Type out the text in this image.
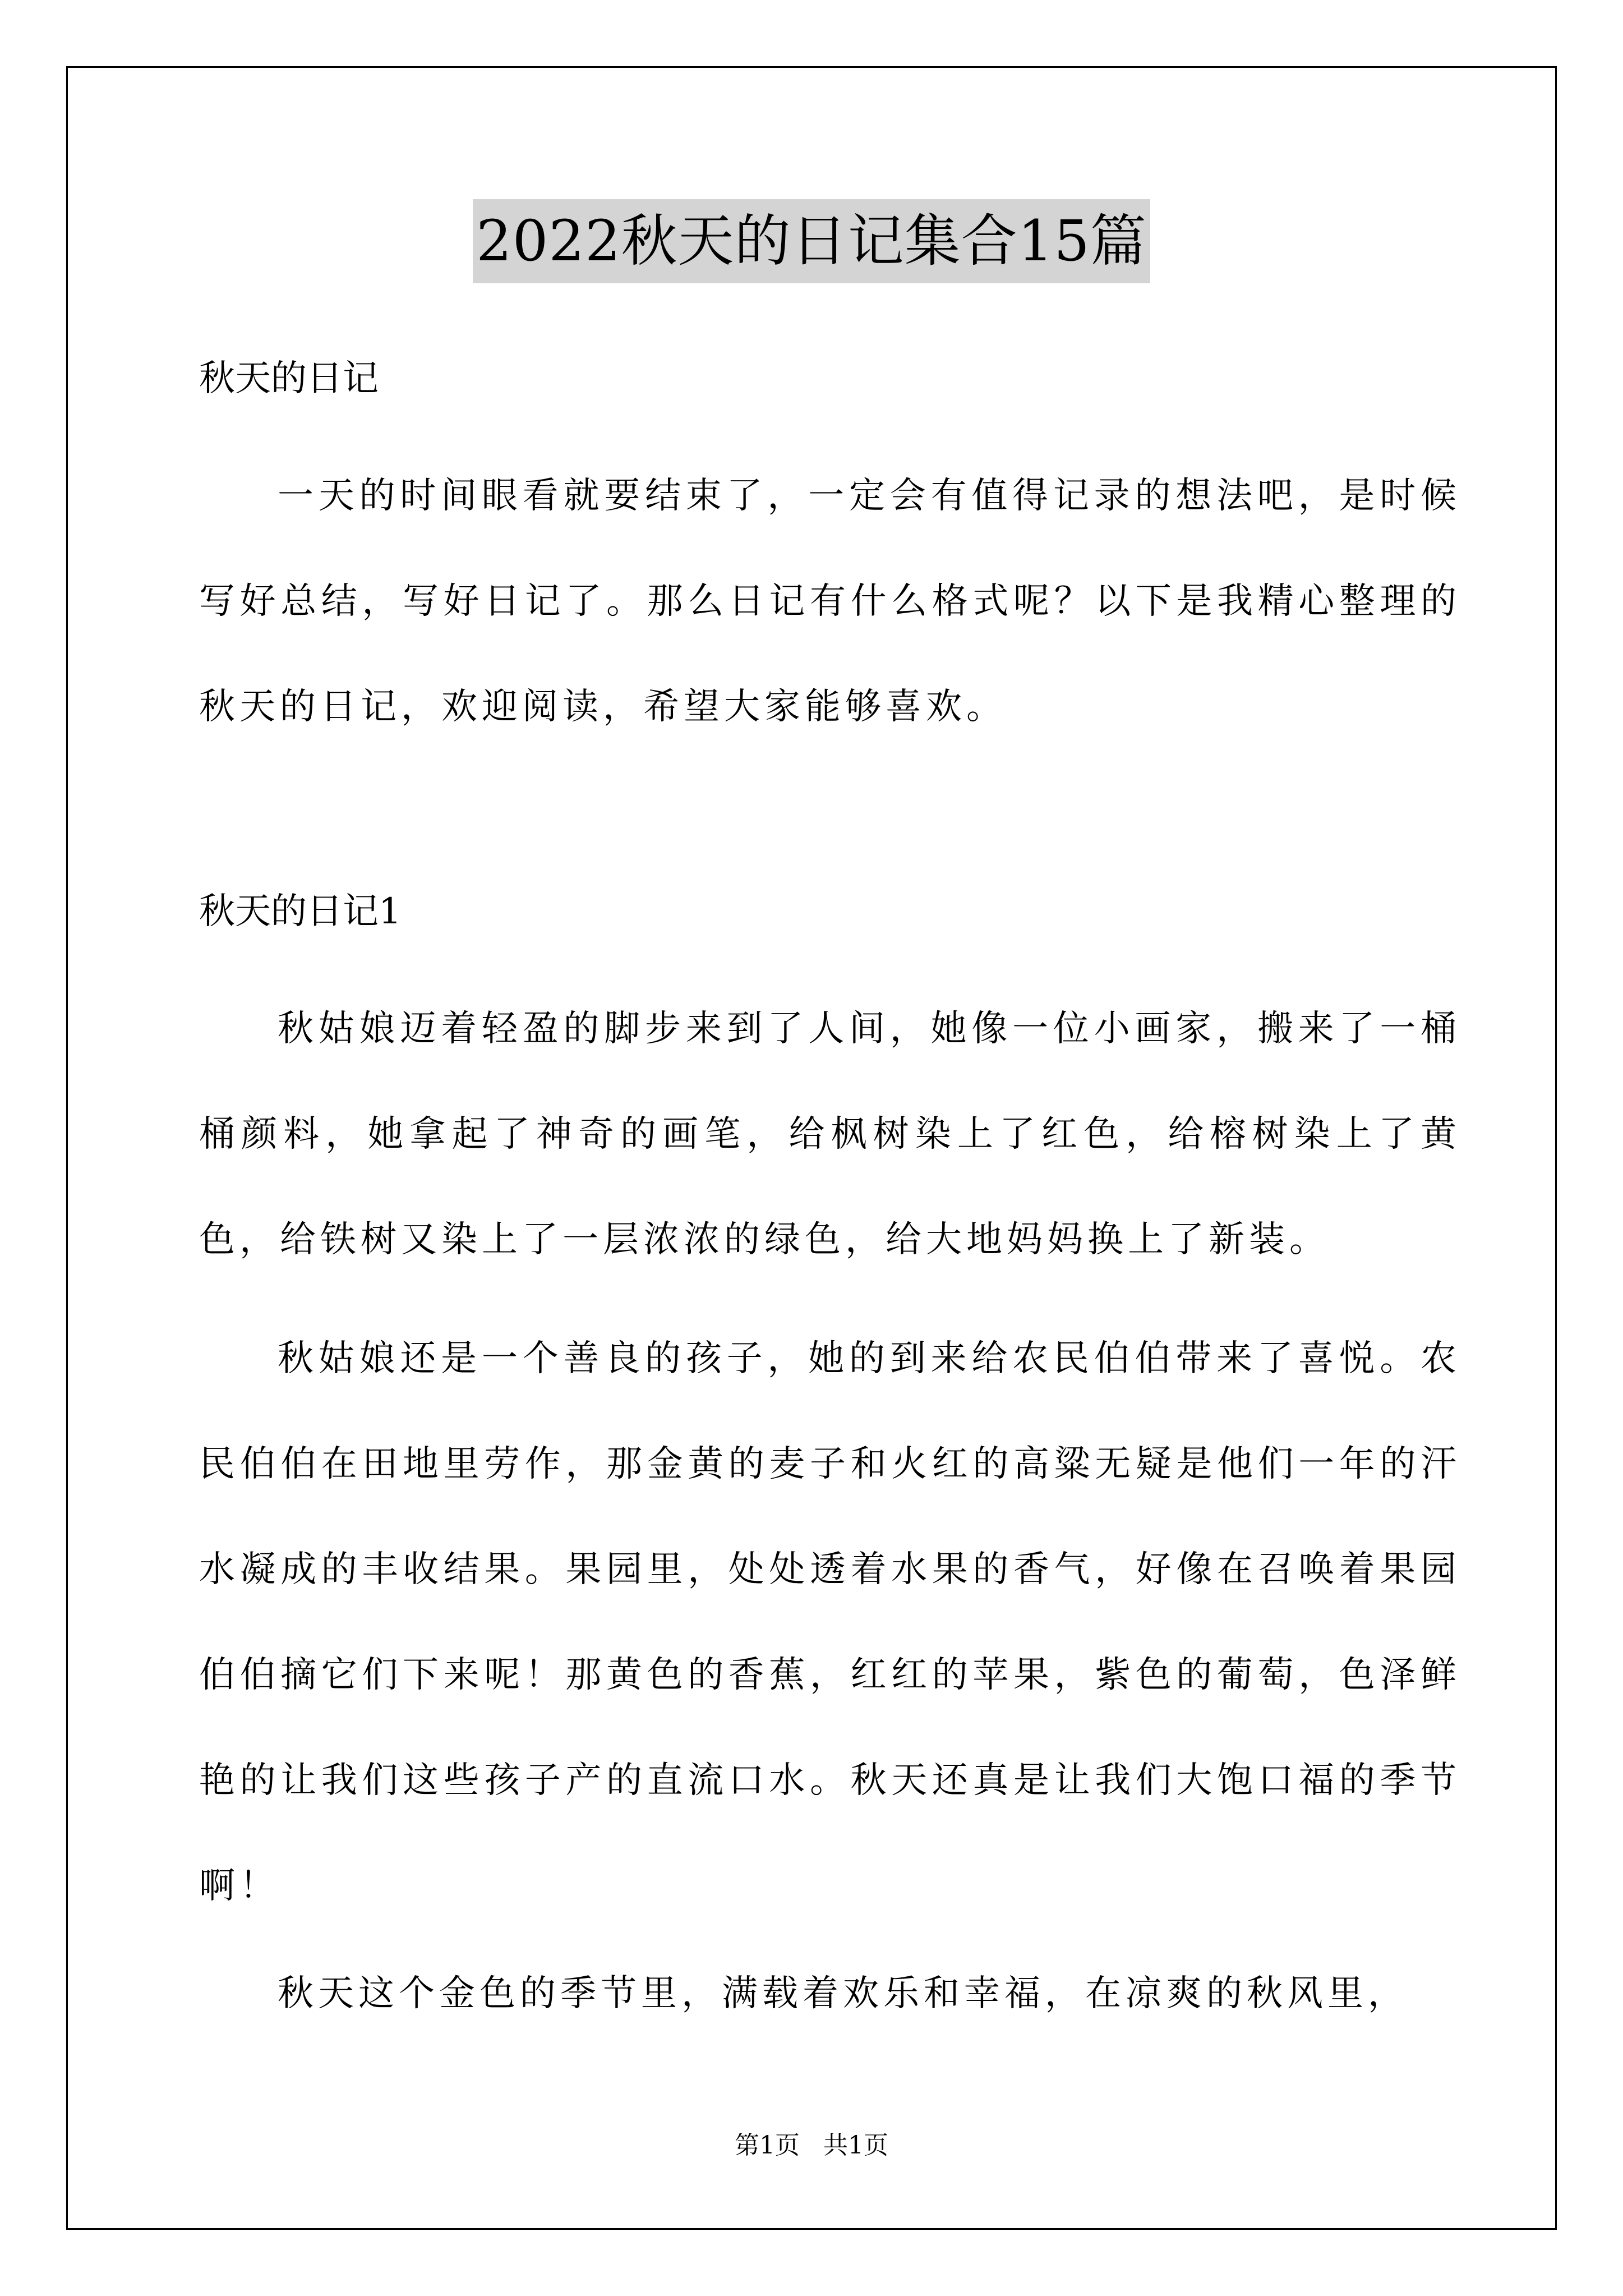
2022秋天的日记集合15篇
秋天的日记

一天的时间眼看就要结束了，一定会有值得记录的想法吧，是时候写好总结，写好日记了。那么日记有什么格式呢？以下是我精心整理的秋天的日记，欢迎阅读，希望大家能够喜欢。

秋天的日记1

秋姑娘迈着轻盈的脚步来到了人间，她像一位小画家，搬来了一桶桶颜料，她拿起了神奇的画笔，给枫树染上了红色，给榕树染上了黄色，给铁树又染上了一层浓浓的绿色，给大地妈妈换上了新装。

秋姑娘还是一个善良的孩子，她的到来给农民伯伯带来了喜悦。农民伯伯在田地里劳作，那金黄的麦子和火红的高粱无疑是他们一年的汗水凝成的丰收结果。果园里，处处透着水果的香气，好像在召唤着果园伯伯摘它们下来呢！那黄色的香蕉，红红的苹果，紫色的葡萄，色泽鲜艳的让我们这些孩子产的直流口水。秋天还真是让我们大饱口福的季节啊！

秋天这个金色的季节里，满载着欢乐和幸福，在凉爽的秋风里，

第1页   共1页
